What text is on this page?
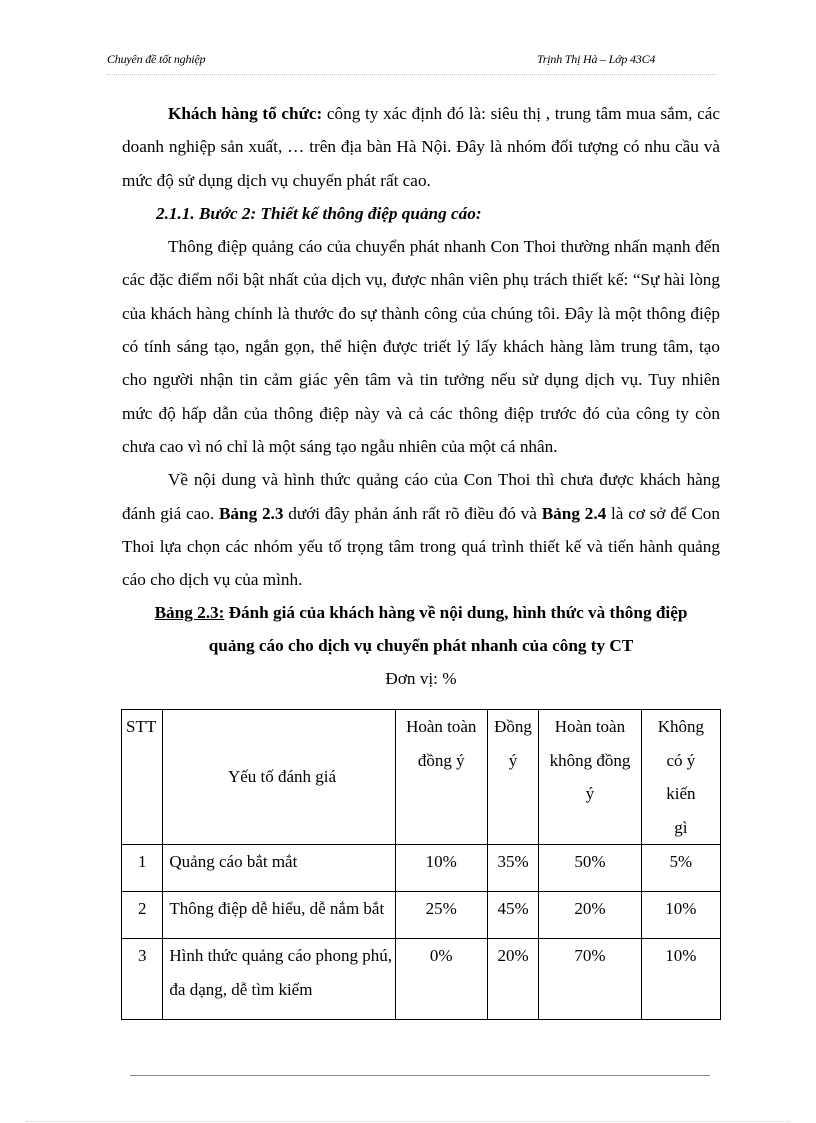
Chuyên đề tốt nghiệp	Trịnh Thị Hà – Lớp 43C4

Khách hàng tổ chức: công ty xác định đó là: siêu thị , trung tâm mua sắm, các doanh nghiệp sản xuất, … trên địa bàn Hà Nội. Đây là nhóm đối tượng có nhu cầu và mức độ sử dụng dịch vụ chuyển phát rất cao.

2.1.1. Bước 2: Thiết kế thông điệp quảng cáo:

Thông điệp quảng cáo của chuyển phát nhanh Con Thoi thường nhấn mạnh đến các đặc điểm nổi bật nhất của dịch vụ, được nhân viên phụ trách thiết kế: “Sự hài lòng của khách hàng chính là thước đo sự thành công của chúng tôi. Đây là một thông điệp có tính sáng tạo, ngắn gọn, thể hiện được triết lý lấy khách hàng làm trung tâm, tạo cho người nhận tin cảm giác yên tâm và tin tưởng nếu sử dụng dịch vụ. Tuy nhiên mức độ hấp dẫn của thông điệp này và cả các thông điệp trước đó của công ty còn chưa cao vì nó chỉ là một sáng tạo ngẫu nhiên của một cá nhân.

Về nội dung và hình thức quảng cáo của Con Thoi thì chưa được khách hàng đánh giá cao. Bảng 2.3 dưới đây phản ánh rất rõ điều đó và Bảng 2.4 là cơ sở để Con Thoi lựa chọn các nhóm yếu tố trọng tâm trong quá trình thiết kế và tiến hành quảng cáo cho dịch vụ của mình.

Bảng 2.3: Đánh giá của khách hàng về nội dung, hình thức và thông điệp
quảng cáo cho dịch vụ chuyển phát nhanh của công ty CT

Đơn vị: %

STT	Yếu tố đánh giá	Hoàn toàn đồng ý	Đồng ý	Hoàn toàn không đồng ý	Không có ý kiến gì
1	Quảng cáo bắt mắt	10%	35%	50%	5%
2	Thông điệp dễ hiểu, dễ nắm bắt	25%	45%	20%	10%
3	Hình thức quảng cáo phong phú, đa dạng, dễ tìm kiếm	0%	20%	70%	10%
